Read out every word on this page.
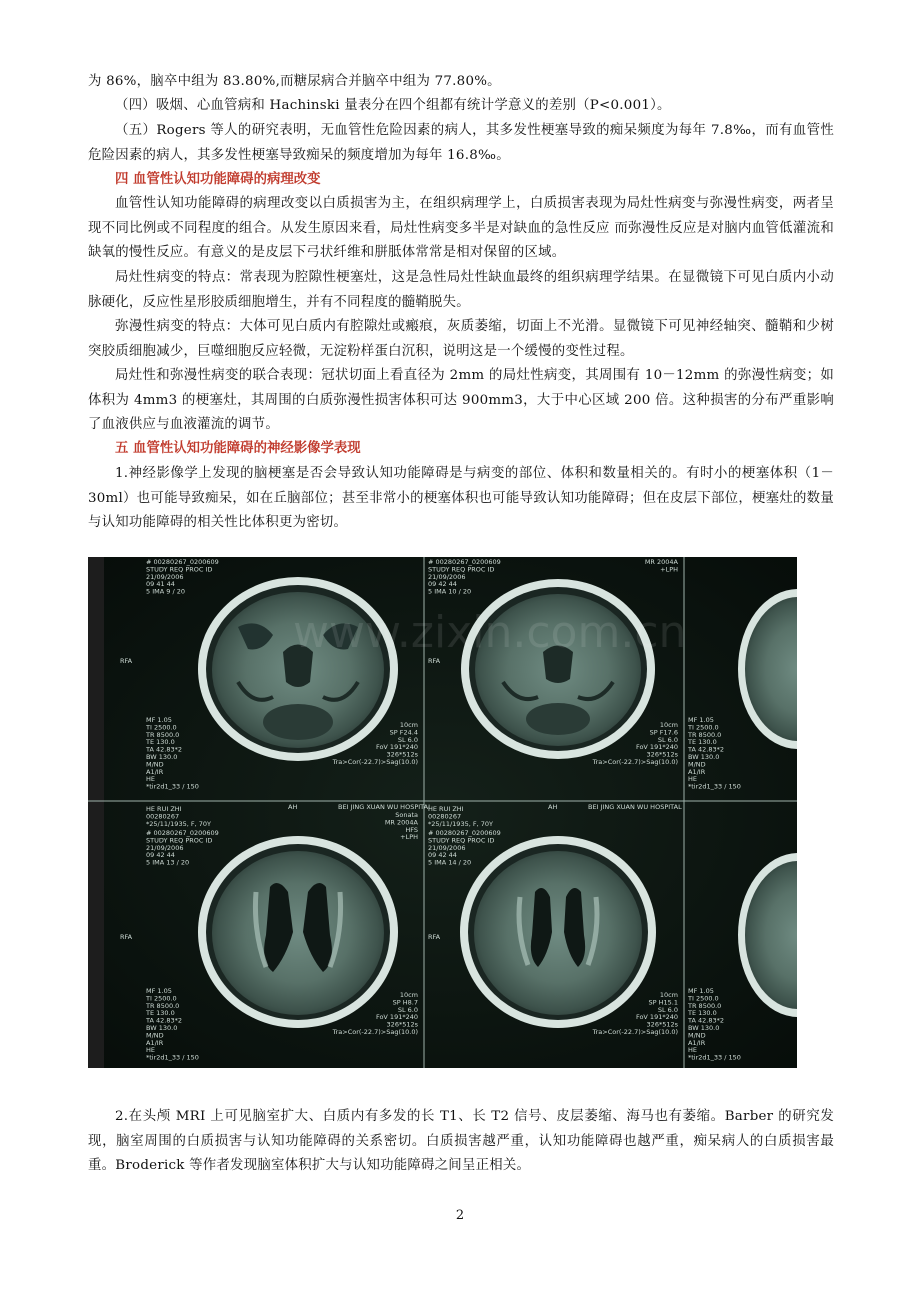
为 86%，脑卒中组为 83.80%,而糖尿病合并脑卒中组为 77.80%。

（四）吸烟、心血管病和 Hachinski 量表分在四个组都有统计学意义的差别（P<0.001）。

（五）Rogers 等人的研究表明，无血管性危险因素的病人，其多发性梗塞导致的痴呆频度为每年 7.8‰，而有血管性危险因素的病人，其多发性梗塞导致痴呆的频度增加为每年 16.8‰。

四 血管性认知功能障碍的病理改变

血管性认知功能障碍的病理改变以白质损害为主，在组织病理学上，白质损害表现为局灶性病变与弥漫性病变，两者呈现不同比例或不同程度的组合。从发生原因来看，局灶性病变多半是对缺血的急性反应 而弥漫性反应是对脑内血管低灌流和缺氧的慢性反应。有意义的是皮层下弓状纤维和胼胝体常常是相对保留的区域。

局灶性病变的特点：常表现为腔隙性梗塞灶，这是急性局灶性缺血最终的组织病理学结果。在显微镜下可见白质内小动脉硬化，反应性星形胶质细胞增生，并有不同程度的髓鞘脱失。

弥漫性病变的特点：大体可见白质内有腔隙灶或瘢痕，灰质萎缩，切面上不光滑。显微镜下可见神经轴突、髓鞘和少树突胶质细胞减少，巨噬细胞反应轻微，无淀粉样蛋白沉积，说明这是一个缓慢的变性过程。

局灶性和弥漫性病变的联合表现：冠状切面上看直径为 2mm 的局灶性病变，其周围有 10－12mm 的弥漫性病变；如体积为 4mm3 的梗塞灶，其周围的白质弥漫性损害体积可达 900mm3，大于中心区域 200 倍。这种损害的分布严重影响了血液供应与血液灌流的调节。

五 血管性认知功能障碍的神经影像学表现

1.神经影像学上发现的脑梗塞是否会导致认知功能障碍是与病变的部位、体积和数量相关的。有时小的梗塞体积（1－30ml）也可能导致痴呆，如在丘脑部位；甚至非常小的梗塞体积也可能导致认知功能障碍；但在皮层下部位，梗塞灶的数量与认知功能障碍的相关性比体积更为密切。

www.zixin.com.cn
# 00280267_0200609
STUDY REQ PROC ID
21/09/2006
09 41 44
5 IMA 9 / 20
RFA
MF 1.05
TI 2500.0
TR 8500.0
TE 130.0
TA 42.83*2
BW 130.0
M/ND
A1/IR
HE
*tir2d1_33 / 150
10cm
SP F24.4
SL 6.0
FoV 191*240
326*512s
Tra>Cor(-22.7)>Sag(10.0)
# 00280267_0200609
STUDY REQ PROC ID
21/09/2006
09 42 44
5 IMA 10 / 20
MR 2004A
+LPH
RFA
MF 1.05
TI 2500.0
TR 8500.0
TE 130.0
TA 42.83*2
BW 130.0
M/ND
A1/IR
HE
*tir2d1_33 / 150
10cm
SP F17.6
SL 6.0
FoV 191*240
326*512s
Tra>Cor(-22.7)>Sag(10.0)
HE RUI ZHI
00280267
*25/11/1935, F, 70Y
BEI JING XUAN WU HOSPITAL
# 00280267_0200609
STUDY REQ PROC ID
21/09/2006
09 42 44
5 IMA 13 / 20
Sonata
MR 2004A
HFS
+LPH
RFA
MF 1.05
TI 2500.0
TR 8500.0
TE 130.0
TA 42.83*2
BW 130.0
M/ND
A1/IR
HE
*tir2d1_33 / 150
10cm
SP H8.7
SL 6.0
FoV 191*240
326*512s
Tra>Cor(-22.7)>Sag(10.0)
HE RUI ZHI
00280267
*25/11/1935, F, 70Y
BEI JING XUAN WU HOSPITAL
# 00280267_0200609
STUDY REQ PROC ID
21/09/2006
09 42 44
5 IMA 14 / 20
RFA
MF 1.05
TI 2500.0
TR 8500.0
TE 130.0
TA 42.83*2
BW 130.0
M/ND
A1/IR
HE
*tir2d1_33 / 150
10cm
SP H15.1
SL 6.0
FoV 191*240
326*512s
Tra>Cor(-22.7)>Sag(10.0)
AH	AH

2.在头颅 MRI 上可见脑室扩大、白质内有多发的长 T1、长 T2 信号、皮层萎缩、海马也有萎缩。Barber 的研究发现，脑室周围的白质损害与认知功能障碍的关系密切。白质损害越严重，认知功能障碍也越严重，痴呆病人的白质损害最重。Broderick 等作者发现脑室体积扩大与认知功能障碍之间呈正相关。

2
